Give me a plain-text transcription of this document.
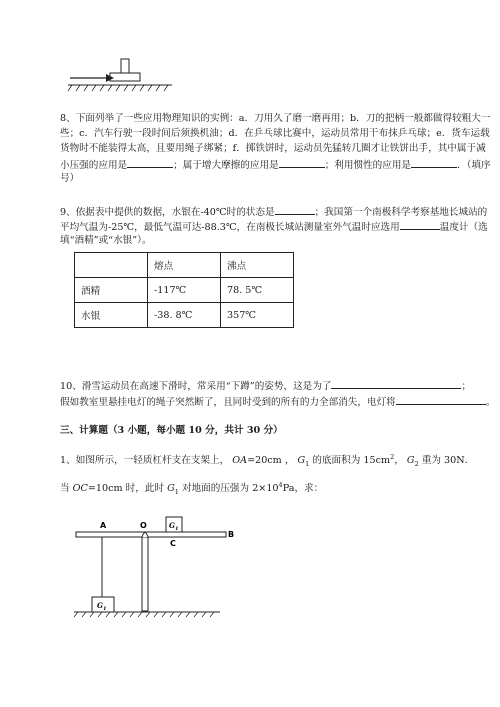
8、下面列举了一些应用物理知识的实例：a．刀用久了磨一磨再用；b．刀的把柄一般都做得较粗大一
些；c．汽车行驶一段时间后须换机油；d．在乒乓球比赛中，运动员常用干布抹乒乓球；e．货车运载
货物时不能装得太高，且要用绳子绑紧；f．掷铁饼时，运动员先猛转几圈才让铁饼出手，其中属于减
小压强的应用是	；属于增大摩擦的应用是	；利用惯性的应用是	．（填序
号）
9、依据表中提供的数据，水银在-40℃时的状态是	；我国第一个南极科学考察基地长城站的
平均气温为-25℃，最低气温可达-88.3℃，在南极长城站测量室外气温时应选用	温度计（选
填“酒精”或“水银”）。
	熔点	沸点
酒精	-117℃	78. 5℃
水银	-38. 8℃	357℃
10、滑雪运动员在高速下滑时，常采用“下蹲”的姿势，这是为了	；
假如教室里悬挂电灯的绳子突然断了，且同时受到的所有的力全部消失，电灯将	。
三、计算题（3 小题，每小题 10 分，共计 30 分）
1、如图所示，一轻质杠杆支在支架上， OA=20cm ， $G_1$ 的底面积为 $15cm^2$， $G_2$ 重为 30N．
当 OC=10cm 时，此时 $G_1$ 对地面的压强为 $2\times 10^4Pa$，求：
A	O
C
B
$G_1$
$G_1$
